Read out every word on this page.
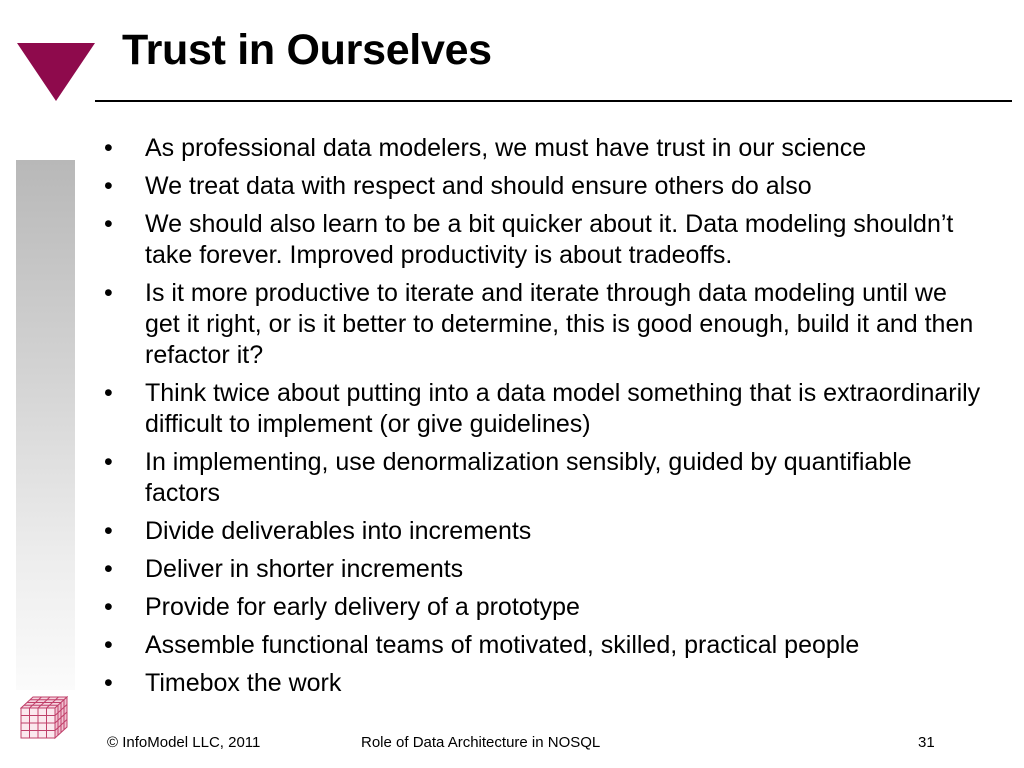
Trust in Ourselves
• As professional data modelers, we must have trust in our science
• We treat data with respect and should ensure others do also
• We should also learn to be a bit quicker about it. Data modeling shouldn’t take forever. Improved productivity is about tradeoffs.
• Is it more productive to iterate and iterate through data modeling until we get it right, or is it better to determine, this is good enough, build it and then refactor it?
• Think twice about putting into a data model something that is extraordinarily difficult to implement (or give guidelines)
• In implementing, use denormalization sensibly, guided by quantifiable factors
• Divide deliverables into increments
• Deliver in shorter increments
• Provide for early delivery of a prototype
• Assemble functional teams of motivated, skilled, practical people
• Timebox the work
© InfoModel LLC, 2011	Role of Data Architecture in NOSQL	31
